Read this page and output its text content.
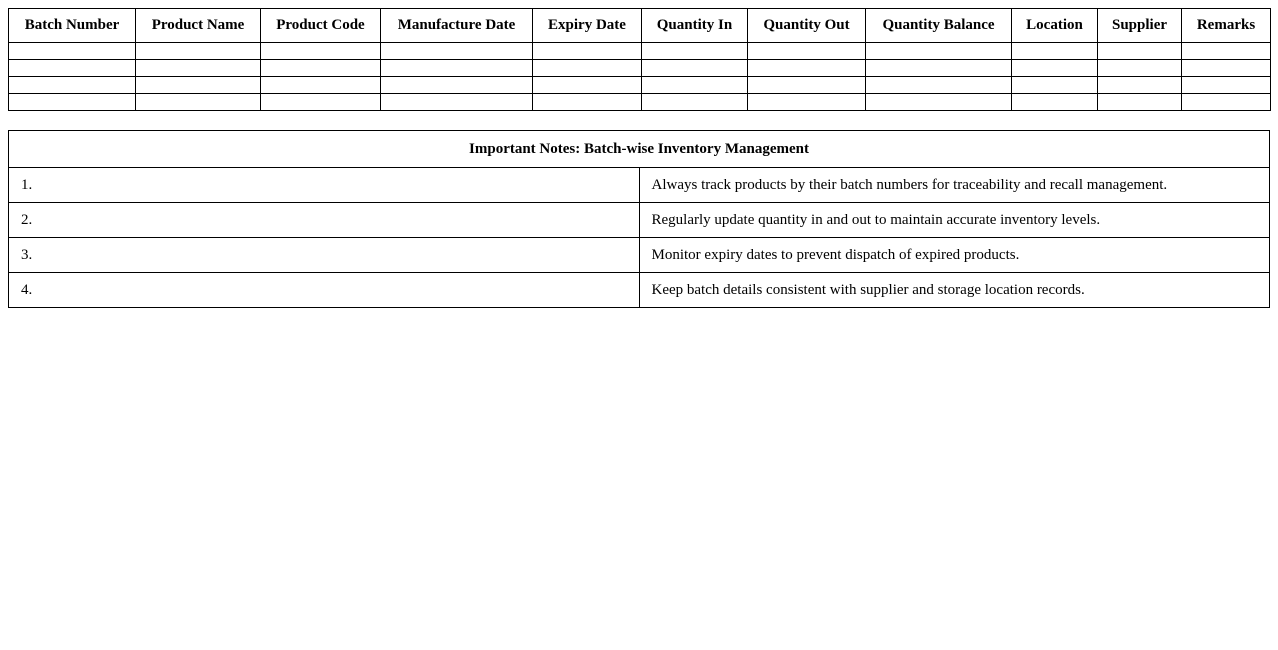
Batch Number	Product Name	Product Code	Manufacture Date	Expiry Date	Quantity In	Quantity Out	Quantity Balance	Location	Supplier	Remarks

Important Notes: Batch-wise Inventory Management	
1.	Always track products by their batch numbers for traceability and recall management.
2.	Regularly update quantity in and out to maintain accurate inventory levels.
3.	Monitor expiry dates to prevent dispatch of expired products.
4.	Keep batch details consistent with supplier and storage location records.
